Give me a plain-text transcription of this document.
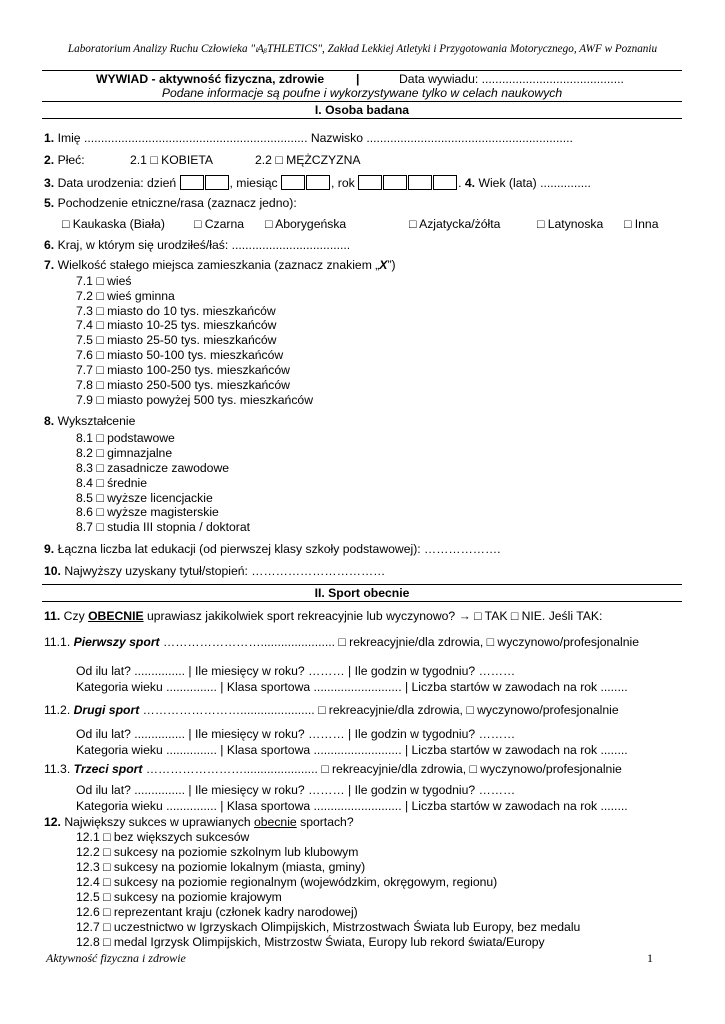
Laboratorium Analizy Ruchu Człowieka "ₗAᵦTHLETICS", Zakład Lekkiej Atletyki i Przygotowania Motorycznego, AWF w Poznaniu
WYWIAD - aktywność fizyczna, zdrowie	|	Data wywiadu: ..........................................
Podane informacje są poufne i wykorzystywane tylko w celach naukowych
I. Osoba badana
1. Imię .................................................................. Nazwisko .............................................................
2. Płeć:	2.1 □ KOBIETA	2.2 □ MĘŻCZYZNA
3. Data urodzenia: dzień	, miesiąc	, rok	. 4. Wiek (lata) ...............
5. Pochodzenie etniczne/rasa (zaznacz jedno):
□ Kaukaska (Biała) □ Czarna □ Aborygeńska	□ Azjatycka/żółta	□ Latynoska □ Inna
6. Kraj, w którym się urodziłeś/łaś: ...................................
7. Wielkość stałego miejsca zamieszkania (zaznacz znakiem „X”)
7.1 □ wieś
7.2 □ wieś gminna
7.3 □ miasto do 10 tys. mieszkańców
7.4 □ miasto 10-25 tys. mieszkańców
7.5 □ miasto 25-50 tys. mieszkańców
7.6 □ miasto 50-100 tys. mieszkańców
7.7 □ miasto 100-250 tys. mieszkańców
7.8 □ miasto 250-500 tys. mieszkańców
7.9 □ miasto powyżej 500 tys. mieszkańców
8. Wykształcenie
8.1 □ podstawowe
8.2 □ gimnazjalne
8.3 □ zasadnicze zawodowe
8.4 □ średnie
8.5 □ wyższe licencjackie
8.6 □ wyższe magisterskie
8.7 □ studia III stopnia / doktorat
9. Łączna liczba lat edukacji (od pierwszej klasy szkoły podstawowej): ……………….
10. Najwyższy uzyskany tytuł/stopień: ……………………………
II. Sport obecnie
11. Czy OBECNIE uprawiasz jakikolwiek sport rekreacyjnie lub wyczynowo? → □ TAK □ NIE. Jeśli TAK:
11.1. Pierwszy sport ……………………...................... □ rekreacyjnie/dla zdrowia, □ wyczynowo/profesjonalnie
Od ilu lat? ............... | Ile miesięcy w roku? ……… | Ile godzin w tygodniu? ………
Kategoria wieku ............... | Klasa sportowa .......................... | Liczba startów w zawodach na rok ........
11.2. Drugi sport ……………………...................... □ rekreacyjnie/dla zdrowia, □ wyczynowo/profesjonalnie
Od ilu lat? ............... | Ile miesięcy w roku? ……… | Ile godzin w tygodniu? ………
Kategoria wieku ............... | Klasa sportowa .......................... | Liczba startów w zawodach na rok ........
11.3. Trzeci sport ……………………...................... □ rekreacyjnie/dla zdrowia, □ wyczynowo/profesjonalnie
Od ilu lat? ............... | Ile miesięcy w roku? ……… | Ile godzin w tygodniu? ………
Kategoria wieku ............... | Klasa sportowa .......................... | Liczba startów w zawodach na rok ........
12. Największy sukces w uprawianych obecnie sportach?
12.1 □ bez większych sukcesów
12.2 □ sukcesy na poziomie szkolnym lub klubowym
12.3 □ sukcesy na poziomie lokalnym (miasta, gminy)
12.4 □ sukcesy na poziomie regionalnym (wojewódzkim, okręgowym, regionu)
12.5 □ sukcesy na poziomie krajowym
12.6 □ reprezentant kraju (członek kadry narodowej)
12.7 □ uczestnictwo w Igrzyskach Olimpijskich, Mistrzostwach Świata lub Europy, bez medalu
12.8 □ medal Igrzysk Olimpijskich, Mistrzostw Świata, Europy lub rekord świata/Europy
Aktywność fizyczna i zdrowie	1
